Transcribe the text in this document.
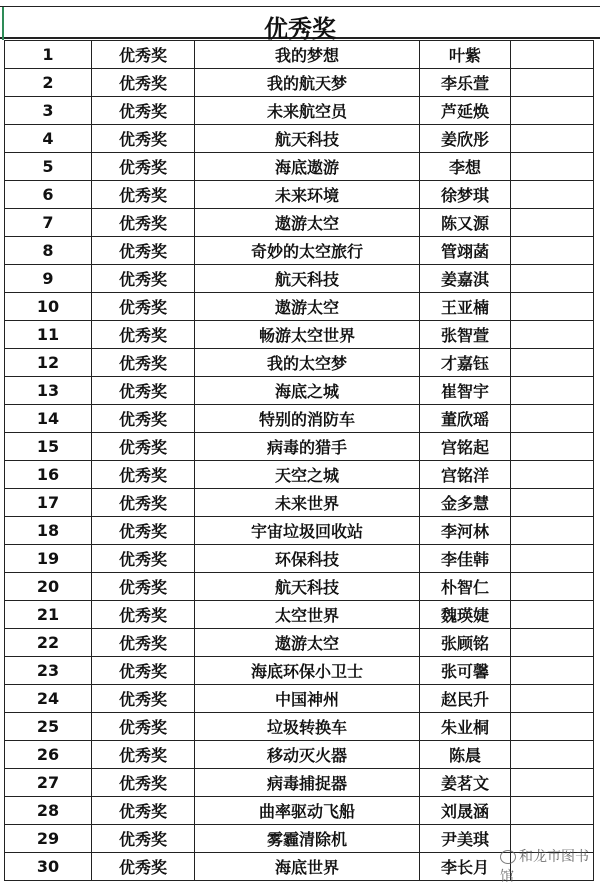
优秀奖
1	优秀奖	我的梦想	叶紫	
2	优秀奖	我的航天梦	李乐萱	
3	优秀奖	未来航空员	芦延焕	
4	优秀奖	航天科技	姜欣彤	
5	优秀奖	海底遨游	李想	
6	优秀奖	未来环境	徐梦琪	
7	优秀奖	遨游太空	陈又源	
8	优秀奖	奇妙的太空旅行	管翊菡	
9	优秀奖	航天科技	姜嘉淇	
10	优秀奖	遨游太空	王亚楠	
11	优秀奖	畅游太空世界	张智萱	
12	优秀奖	我的太空梦	才嘉钰	
13	优秀奖	海底之城	崔智宇	
14	优秀奖	特别的消防车	董欣瑶	
15	优秀奖	病毒的猎手	宫铭起	
16	优秀奖	天空之城	宫铭洋	
17	优秀奖	未来世界	金多慧	
18	优秀奖	宇宙垃圾回收站	李河林	
19	优秀奖	环保科技	李佳韩	
20	优秀奖	航天科技	朴智仁	
21	优秀奖	太空世界	魏瑛婕	
22	优秀奖	遨游太空	张顾铭	
23	优秀奖	海底环保小卫士	张可馨	
24	优秀奖	中国神州	赵民升	
25	优秀奖	垃圾转换车	朱业桐	
26	优秀奖	移动灭火器	陈晨	
27	优秀奖	病毒捕捉器	姜茗文	
28	优秀奖	曲率驱动飞船	刘晟涵	
29	优秀奖	雾霾清除机	尹美琪	
30	优秀奖	海底世界	李长月	
和龙市图书馆
